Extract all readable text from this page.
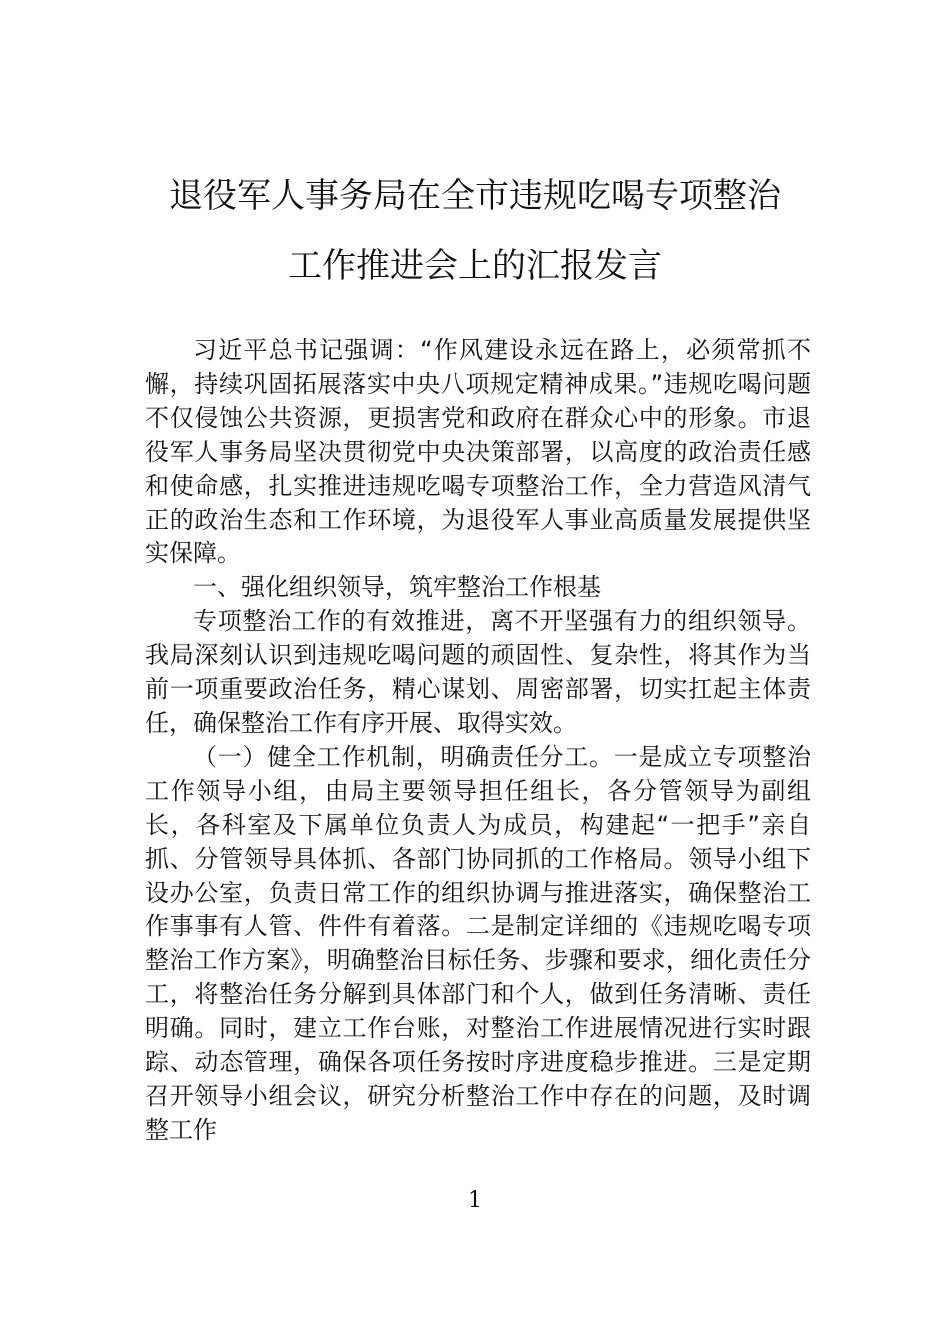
退役军人事务局在全市违规吃喝专项整治
工作推进会上的汇报发言

习近平总书记强调：“作风建设永远在路上，必须常抓不懈，持续巩固拓展落实中央八项规定精神成果。”违规吃喝问题不仅侵蚀公共资源，更损害党和政府在群众心中的形象。市退役军人事务局坚决贯彻党中央决策部署，以高度的政治责任感和使命感，扎实推进违规吃喝专项整治工作，全力营造风清气正的政治生态和工作环境，为退役军人事业高质量发展提供坚实保障。

一、强化组织领导，筑牢整治工作根基

专项整治工作的有效推进，离不开坚强有力的组织领导。我局深刻认识到违规吃喝问题的顽固性、复杂性，将其作为当前一项重要政治任务，精心谋划、周密部署，切实扛起主体责任，确保整治工作有序开展、取得实效。

（一）健全工作机制，明确责任分工。一是成立专项整治工作领导小组，由局主要领导担任组长，各分管领导为副组长，各科室及下属单位负责人为成员，构建起“一把手”亲自抓、分管领导具体抓、各部门协同抓的工作格局。领导小组下设办公室，负责日常工作的组织协调与推进落实，确保整治工作事事有人管、件件有着落。二是制定详细的《违规吃喝专项整治工作方案》，明确整治目标任务、步骤和要求，细化责任分工，将整治任务分解到具体部门和个人，做到任务清晰、责任明确。同时，建立工作台账，对整治工作进展情况进行实时跟踪、动态管理，确保各项任务按时序进度稳步推进。三是定期召开领导小组会议，研究分析整治工作中存在的问题，及时调整工作

1
